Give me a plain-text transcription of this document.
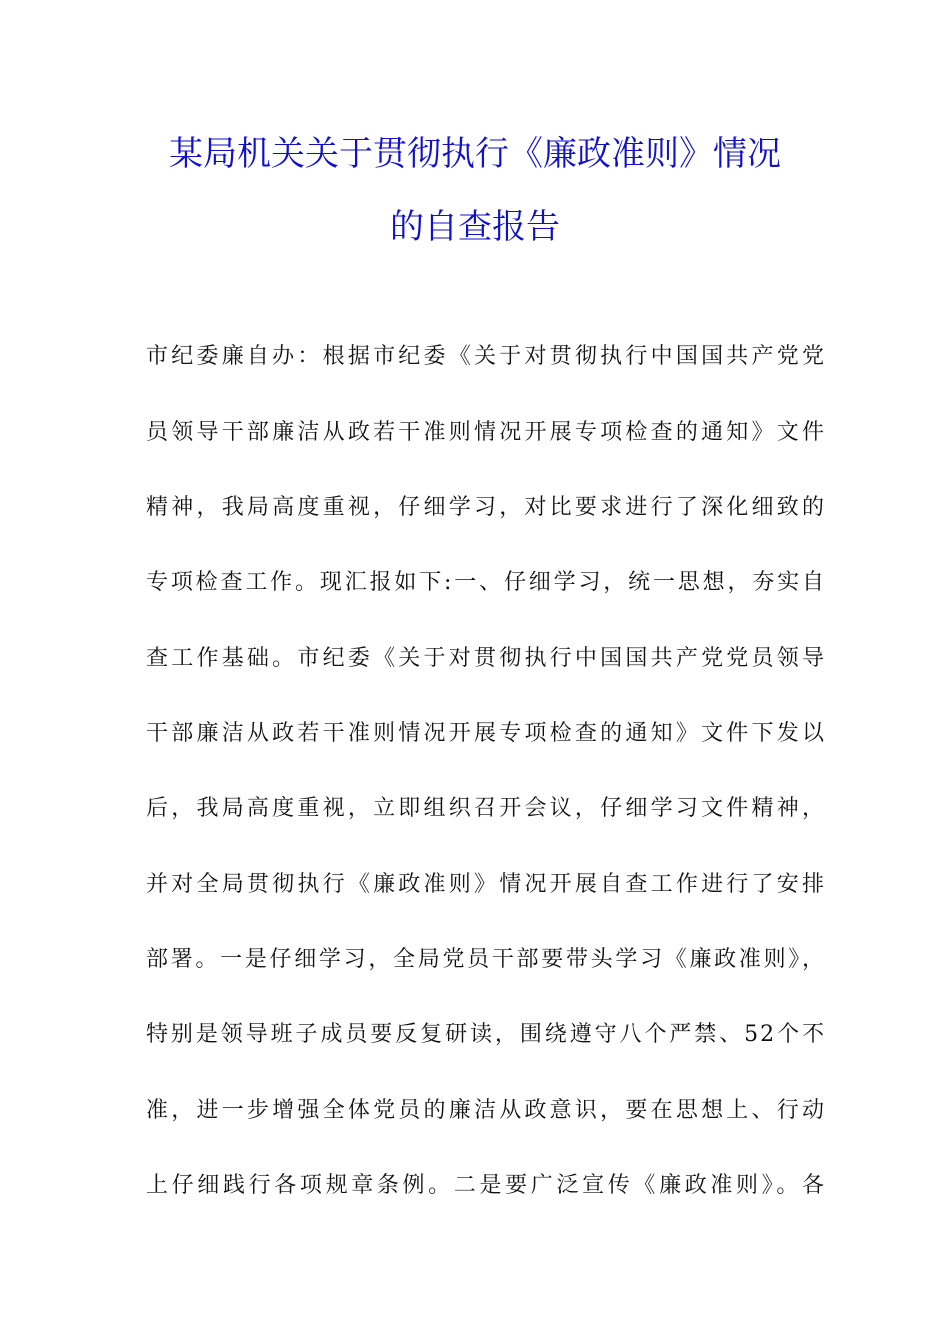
某局机关关于贯彻执行《廉政准则》情况
的自查报告
市纪委廉自办：根据市纪委《关于对贯彻执行中国国共产党党
员领导干部廉洁从政若干准则情况开展专项检查的通知》文件
精神，我局高度重视，仔细学习，对比要求进行了深化细致的
专项检查工作。现汇报如下:一、仔细学习，统一思想，夯实自
查工作基础。市纪委《关于对贯彻执行中国国共产党党员领导
干部廉洁从政若干准则情况开展专项检查的通知》文件下发以
后，我局高度重视，立即组织召开会议，仔细学习文件精神，
并对全局贯彻执行《廉政准则》情况开展自查工作进行了安排
部署。一是仔细学习，全局党员干部要带头学习《廉政准则》，
特别是领导班子成员要反复研读，围绕遵守八个严禁、52个不
准，进一步增强全体党员的廉洁从政意识，要在思想上、行动
上仔细践行各项规章条例。二是要广泛宣传《廉政准则》。各
